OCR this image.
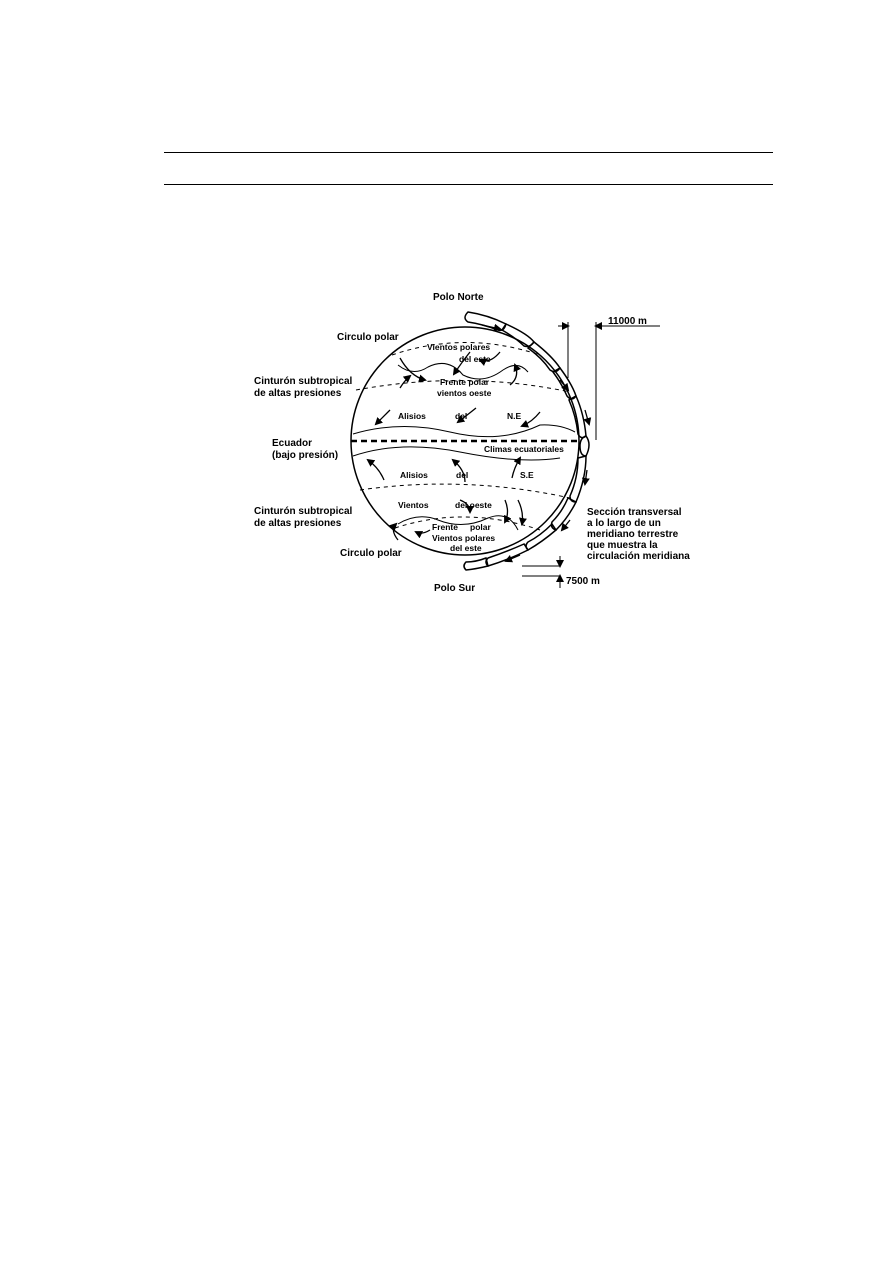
Polo Norte
Circulo polar
Cinturón subtropical
de altas presiones
Ecuador
(bajo presión)
Cinturón subtropical
de altas presiones
Circulo polar
Polo Sur
11000 m
7500 m
Sección transversal
a lo largo de un
meridiano terrestre
que muestra la
circulación meridiana
Vientos polares
del este
Frente polar
vientos oeste
Alisios	del	N.E
Climas ecuatoriales
Alisios	del	S.E
Vientos	del oeste
Frente polar
Vientos polares
del este
